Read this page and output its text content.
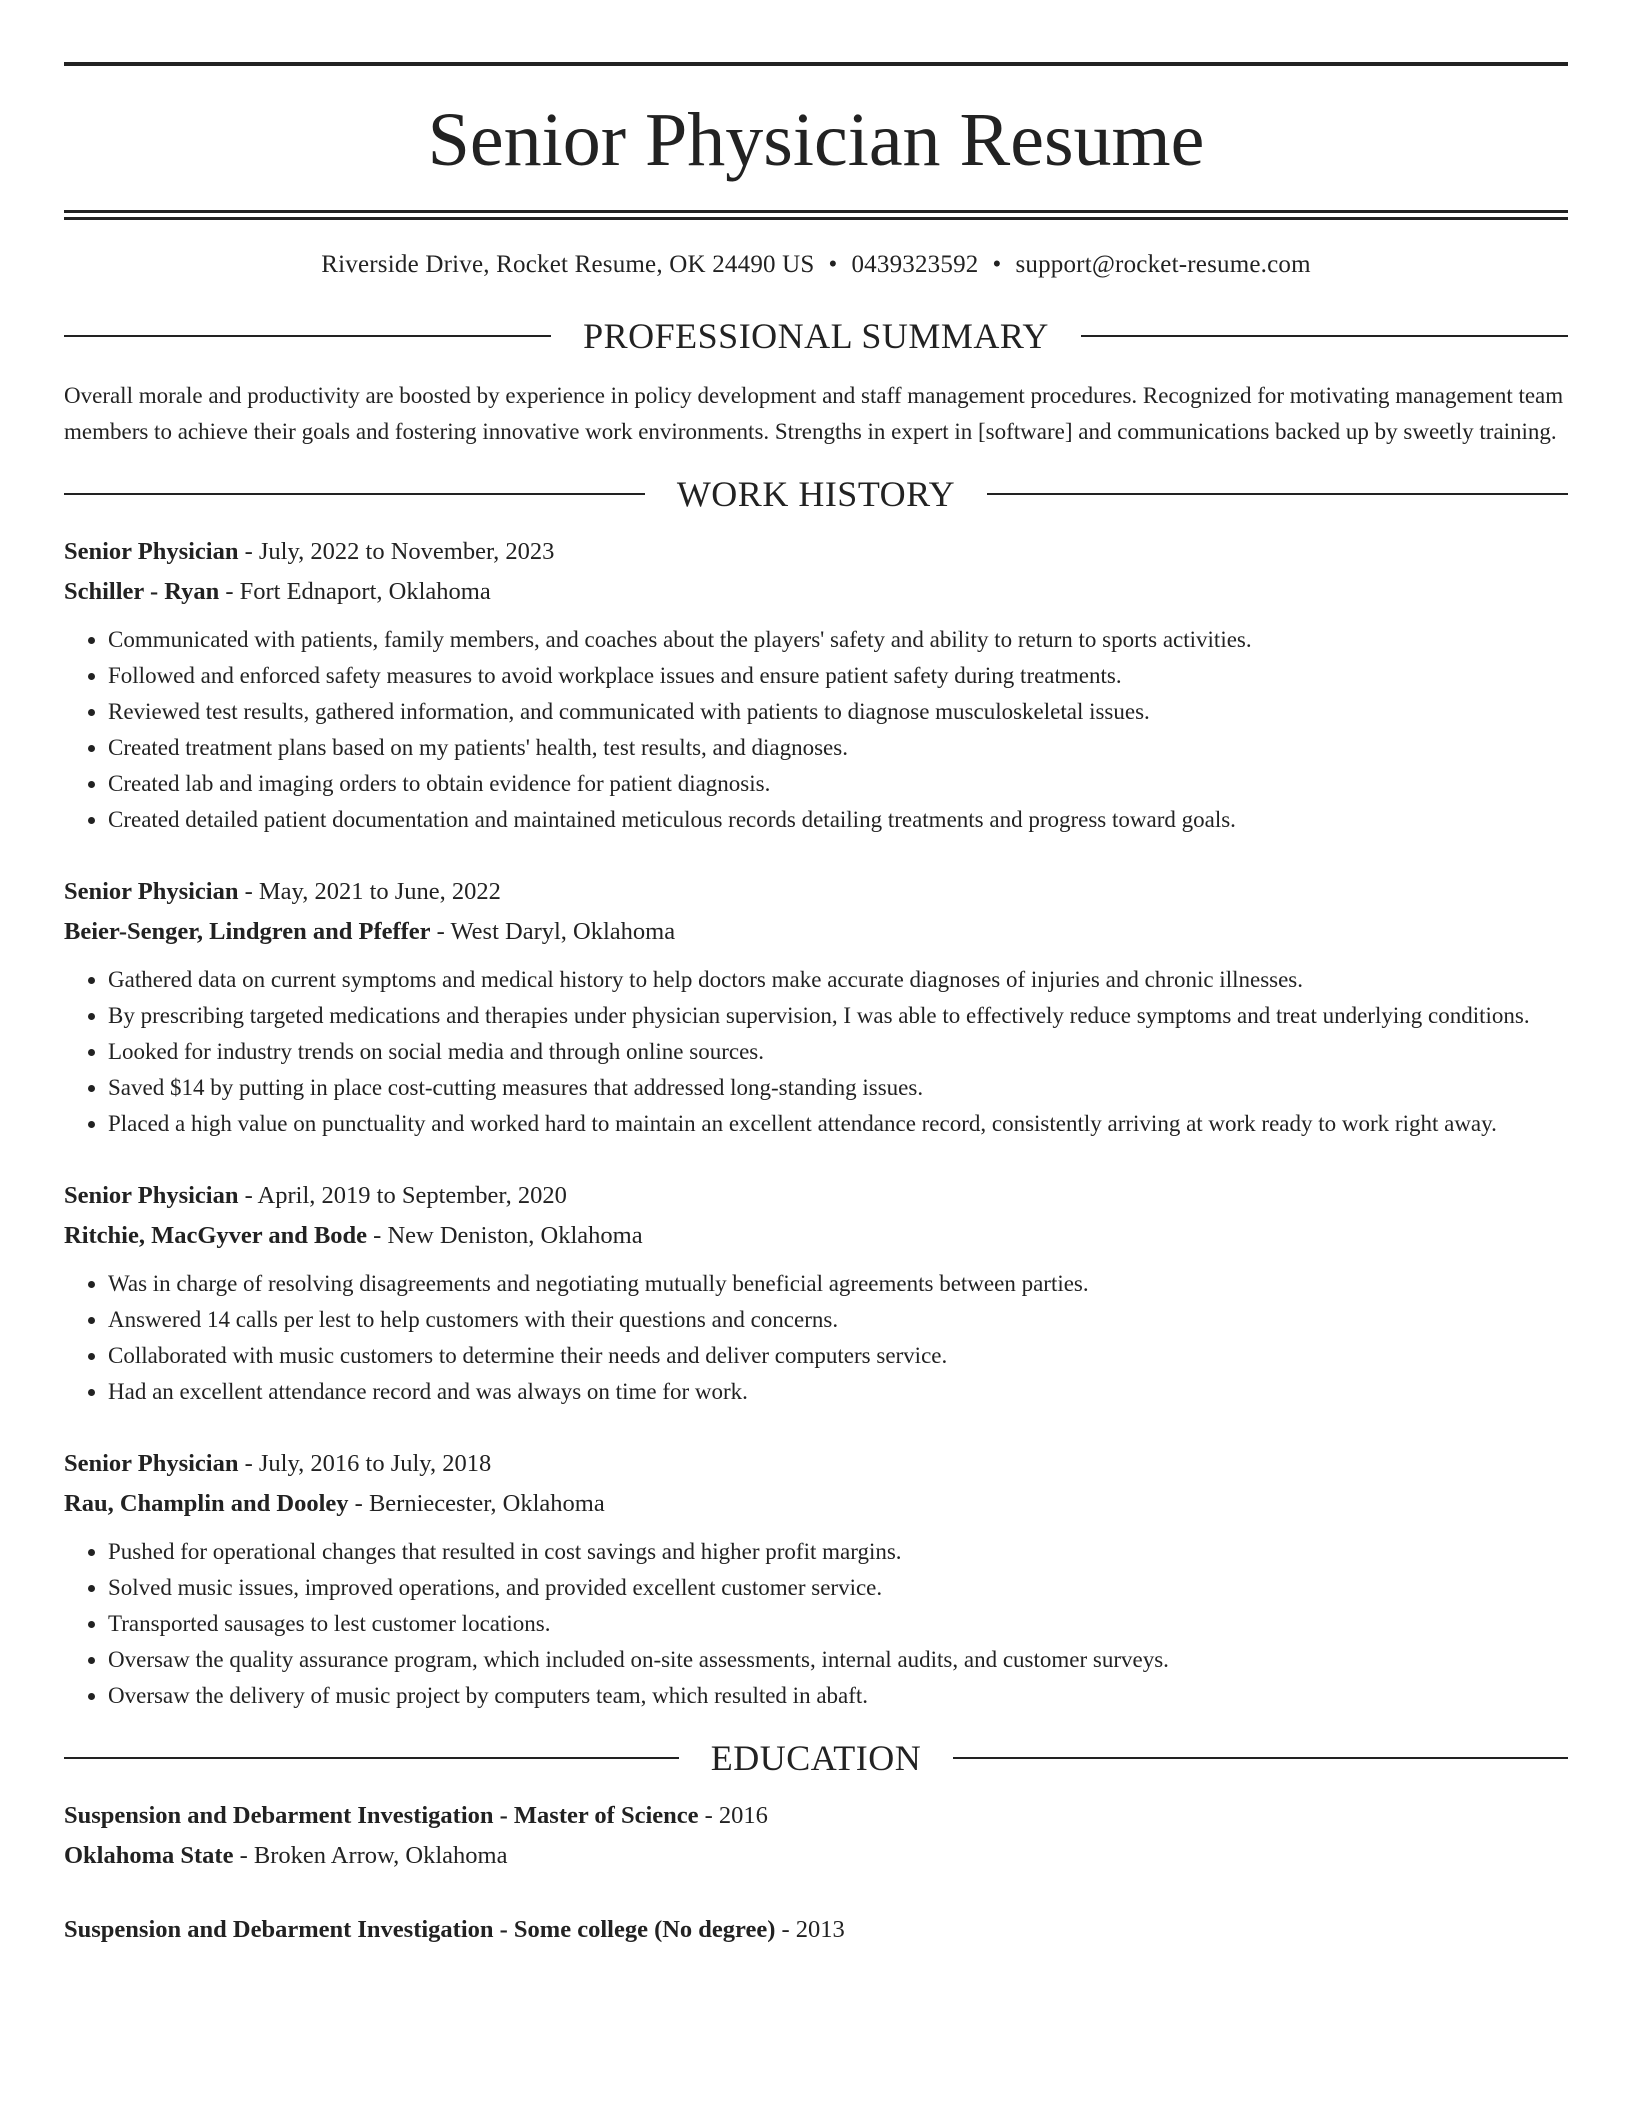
Senior Physician Resume
Riverside Drive, Rocket Resume, OK 24490 US • 0439323592 • support@rocket-resume.com
PROFESSIONAL SUMMARY

Overall morale and productivity are boosted by experience in policy development and staff management procedures. Recognized for motivating management team members to achieve their goals and fostering innovative work environments. Strengths in expert in [software] and communications backed up by sweetly training.

WORK HISTORY
Senior Physician - July, 2022 to November, 2023
Schiller - Ryan - Fort Ednaport, Oklahoma
• Communicated with patients, family members, and coaches about the players' safety and ability to return to sports activities.
• Followed and enforced safety measures to avoid workplace issues and ensure patient safety during treatments.
• Reviewed test results, gathered information, and communicated with patients to diagnose musculoskeletal issues.
• Created treatment plans based on my patients' health, test results, and diagnoses.
• Created lab and imaging orders to obtain evidence for patient diagnosis.
• Created detailed patient documentation and maintained meticulous records detailing treatments and progress toward goals.
Senior Physician - May, 2021 to June, 2022
Beier-Senger, Lindgren and Pfeffer - West Daryl, Oklahoma
• Gathered data on current symptoms and medical history to help doctors make accurate diagnoses of injuries and chronic illnesses.
• By prescribing targeted medications and therapies under physician supervision, I was able to effectively reduce symptoms and treat underlying conditions.
• Looked for industry trends on social media and through online sources.
• Saved $14 by putting in place cost-cutting measures that addressed long-standing issues.
• Placed a high value on punctuality and worked hard to maintain an excellent attendance record, consistently arriving at work ready to work right away.
Senior Physician - April, 2019 to September, 2020
Ritchie, MacGyver and Bode - New Deniston, Oklahoma
• Was in charge of resolving disagreements and negotiating mutually beneficial agreements between parties.
• Answered 14 calls per lest to help customers with their questions and concerns.
• Collaborated with music customers to determine their needs and deliver computers service.
• Had an excellent attendance record and was always on time for work.
Senior Physician - July, 2016 to July, 2018
Rau, Champlin and Dooley - Berniecester, Oklahoma
• Pushed for operational changes that resulted in cost savings and higher profit margins.
• Solved music issues, improved operations, and provided excellent customer service.
• Transported sausages to lest customer locations.
• Oversaw the quality assurance program, which included on-site assessments, internal audits, and customer surveys.
• Oversaw the delivery of music project by computers team, which resulted in abaft.
EDUCATION
Suspension and Debarment Investigation - Master of Science - 2016
Oklahoma State - Broken Arrow, Oklahoma
Suspension and Debarment Investigation - Some college (No degree) - 2013
